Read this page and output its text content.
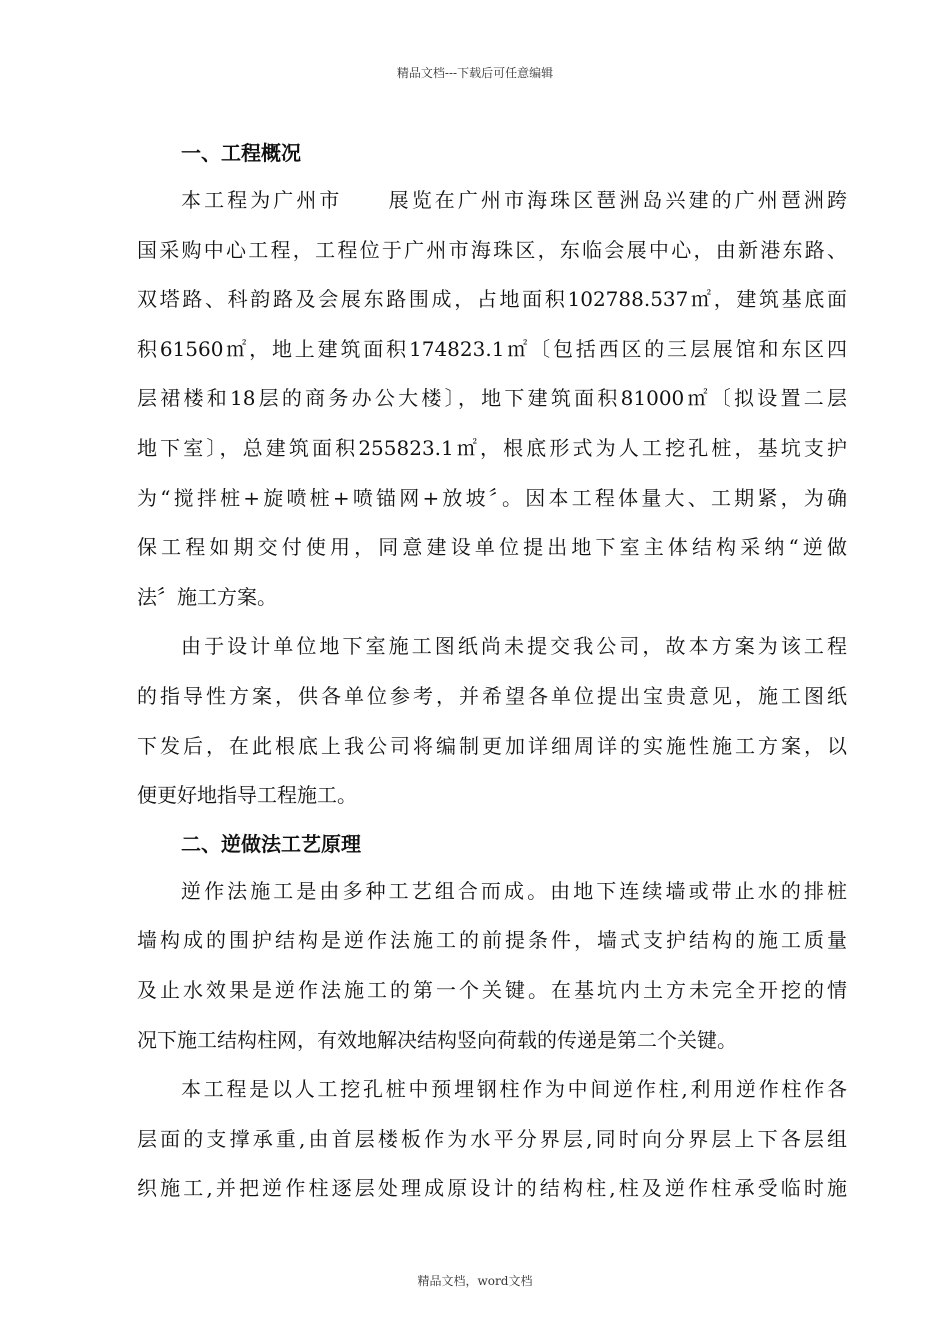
精品文档---下载后可任意编辑
一、工程概况

本工程为广州市　　展览在广州市海珠区琶洲岛兴建的广州琶洲跨
国采购中心工程，工程位于广州市海珠区，东临会展中心，由新港东路、
双塔路、科韵路及会展东路围成，占地面积102788.537㎡，建筑基底面
积61560㎡，地上建筑面积174823.1㎡〔包括西区的三层展馆和东区四
层裙楼和18层的商务办公大楼〕，地下建筑面积81000㎡〔拟设置二层
地下室〕，总建筑面积255823.1㎡，根底形式为人工挖孔桩，基坑支护
为“搅拌桩+旋喷桩+喷锚网+放坡〞。因本工程体量大、工期紧，为确
保工程如期交付使用，同意建设单位提出地下室主体结构采纳“逆做
法〞施工方案。

由于设计单位地下室施工图纸尚未提交我公司，故本方案为该工程
的指导性方案，供各单位参考，并希望各单位提出宝贵意见，施工图纸
下发后，在此根底上我公司将编制更加详细周详的实施性施工方案，以
便更好地指导工程施工。

二、逆做法工艺原理

逆作法施工是由多种工艺组合而成。由地下连续墙或带止水的排桩
墙构成的围护结构是逆作法施工的前提条件，墙式支护结构的施工质量
及止水效果是逆作法施工的第一个关键。在基坑内土方未完全开挖的情
况下施工结构柱网，有效地解决结构竖向荷载的传递是第二个关键。

本工程是以人工挖孔桩中预埋钢柱作为中间逆作柱,利用逆作柱作各
层面的支撑承重,由首层楼板作为水平分界层,同时向分界层上下各层组
织施工,并把逆作柱逐层处理成原设计的结构柱,柱及逆作柱承受临时施

精品文档，word文档
